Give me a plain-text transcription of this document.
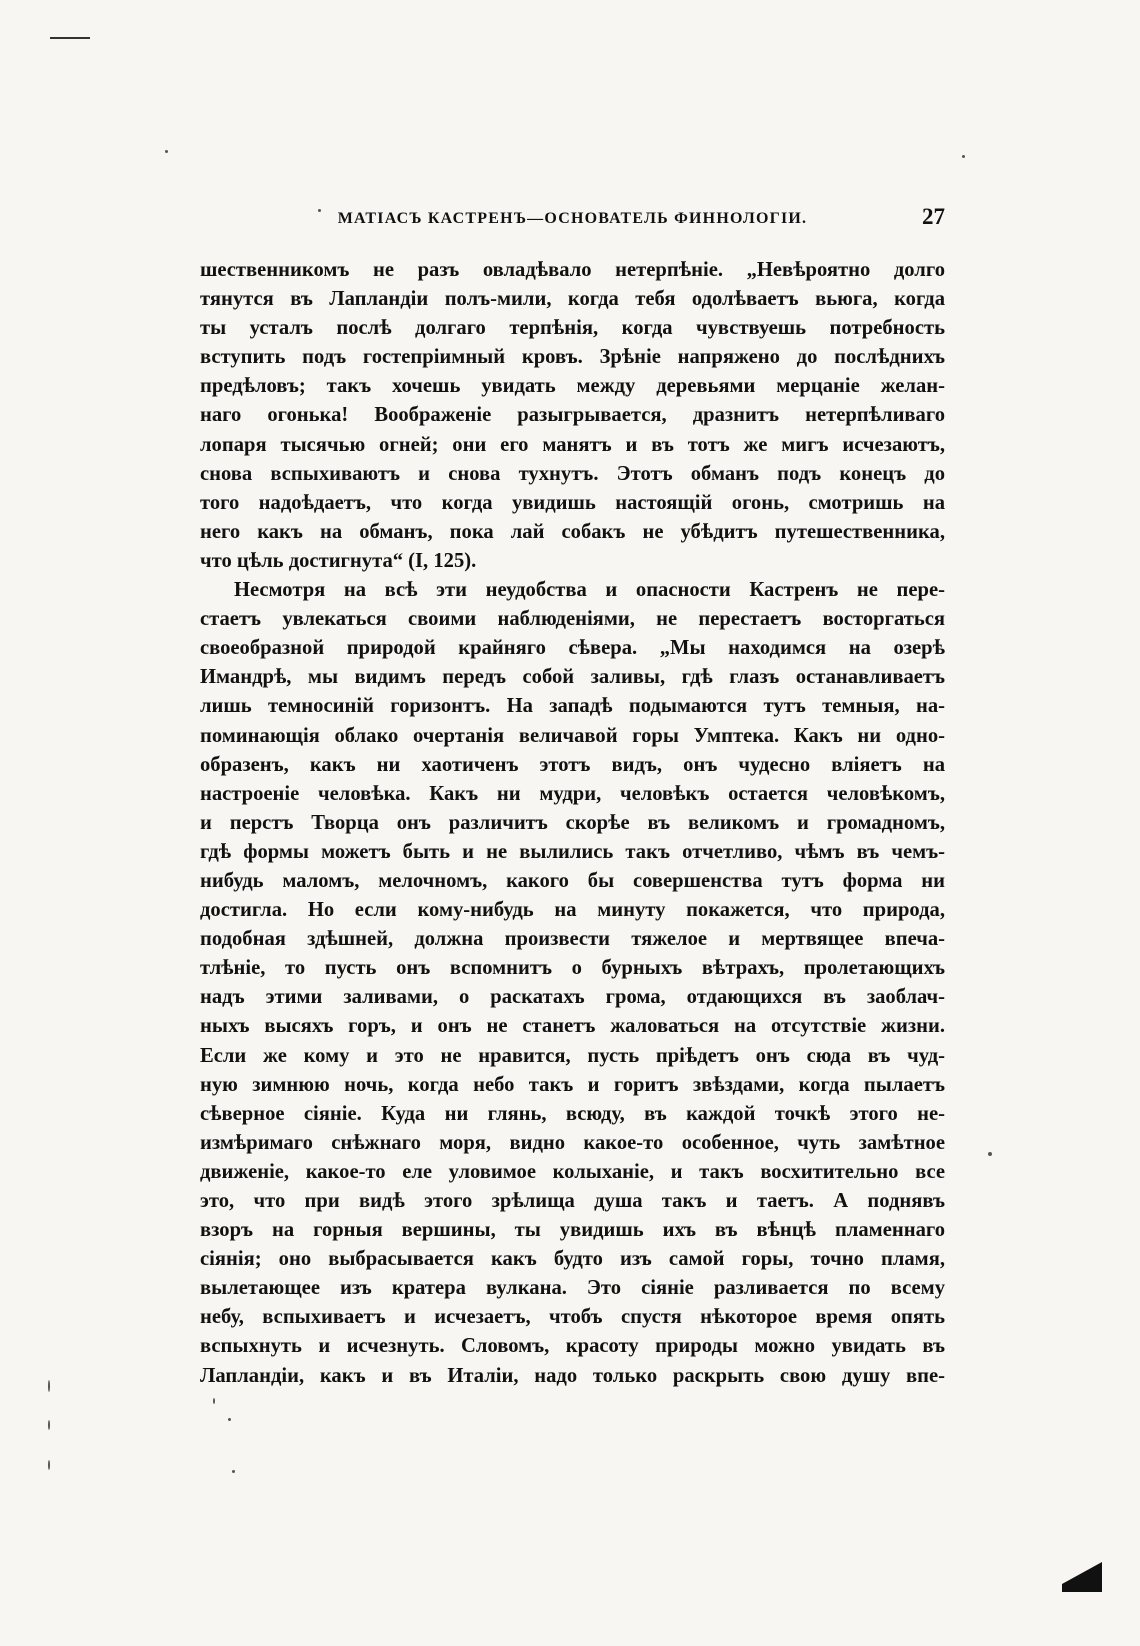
МАТІАСЪ КАСТРЕНЪ—ОСНОВАТЕЛЬ ФИННОЛОГІИ.	27
шественникомъ не разъ овладѣвало нетерпѣніе. „Невѣроятно долго
тянутся въ Лапландіи полъ-мили, когда тебя одолѣваетъ вьюга, когда
ты усталъ послѣ долгаго терпѣнія, когда чувствуешь потребность
вступить подъ гостепріимный кровъ. Зрѣніе напряжено до послѣднихъ
предѣловъ; такъ хочешь увидать между деревьями мерцаніе желан-
наго огонька! Воображеніе разыгрывается, дразнитъ нетерпѣливаго
лопаря тысячью огней; они его манятъ и въ тотъ же мигъ исчезаютъ,
снова вспыхиваютъ и снова тухнутъ. Этотъ обманъ подъ конецъ до
того надоѣдаетъ, что когда увидишь настоящій огонь, смотришь на
него какъ на обманъ, пока лай собакъ не убѣдитъ путешественника,
что цѣль достигнута“ (I, 125).
Несмотря на всѣ эти неудобства и опасности Кастренъ не пере-
стаетъ увлекаться своими наблюденіями, не перестаетъ восторгаться
своеобразной природой крайняго сѣвера. „Мы находимся на озерѣ
Имандрѣ, мы видимъ передъ собой заливы, гдѣ глазъ останавливаетъ
лишь темносиній горизонтъ. На западѣ подымаются тутъ темныя, на-
поминающія облако очертанія величавой горы Умптека. Какъ ни одно-
образенъ, какъ ни хаотиченъ этотъ видъ, онъ чудесно вліяетъ на
настроеніе человѣка. Какъ ни мудри, человѣкъ остается человѣкомъ,
и перстъ Творца онъ различитъ скорѣе въ великомъ и громадномъ,
гдѣ формы можетъ быть и не вылились такъ отчетливо, чѣмъ въ чемъ-
нибудь маломъ, мелочномъ, какого бы совершенства тутъ форма ни
достигла. Но если кому-нибудь на минуту покажется, что природа,
подобная здѣшней, должна произвести тяжелое и мертвящее впеча-
тлѣніе, то пусть онъ вспомнитъ о бурныхъ вѣтрахъ, пролетающихъ
надъ этими заливами, о раскатахъ грома, отдающихся въ заоблач-
ныхъ высяхъ горъ, и онъ не станетъ жаловаться на отсутствіе жизни.
Если же кому и это не нравится, пусть пріѣдетъ онъ сюда въ чуд-
ную зимнюю ночь, когда небо такъ и горитъ звѣздами, когда пылаетъ
сѣверное сіяніе. Куда ни глянь, всюду, въ каждой точкѣ этого не-
измѣримаго снѣжнаго моря, видно какое-то особенное, чуть замѣтное
движеніе, какое-то еле уловимое колыханіе, и такъ восхитительно все
это, что при видѣ этого зрѣлища душа такъ и таетъ. А поднявъ
взоръ на горныя вершины, ты увидишь ихъ въ вѣнцѣ пламеннаго
сіянія; оно выбрасывается какъ будто изъ самой горы, точно пламя,
вылетающее изъ кратера вулкана. Это сіяніе разливается по всему
небу, вспыхиваетъ и исчезаетъ, чтобъ спустя нѣкоторое время опять
вспыхнуть и исчезнуть. Словомъ, красоту природы можно увидать въ
Лапландіи, какъ и въ Италіи, надо только раскрыть свою душу впе-
